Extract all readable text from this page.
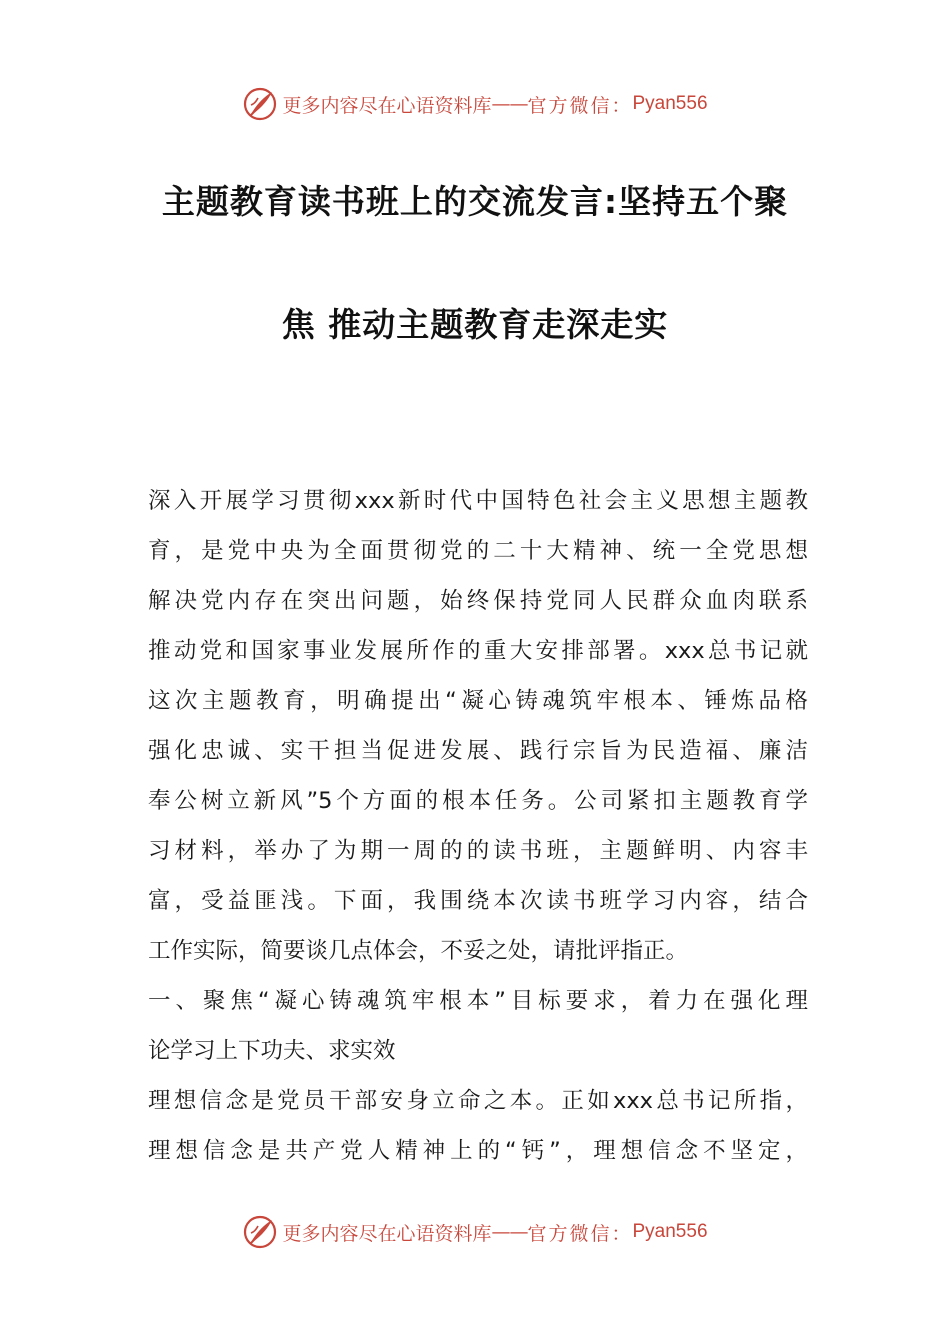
更多内容尽在心语资料库 —— 官方微信： Pyan556
主题教育读书班上的交流发言:坚持五个聚
焦 推动主题教育走深走实
深入开展学习贯彻xxx新时代中国特色社会主义思想主题教
育，是党中央为全面贯彻党的二十大精神、统一全党思想
解决党内存在突出问题，始终保持党同人民群众血肉联系
推动党和国家事业发展所作的重大安排部署。xxx总书记就
这次主题教育，明确提出“凝心铸魂筑牢根本、锤炼品格
强化忠诚、实干担当促进发展、践行宗旨为民造福、廉洁
奉公树立新风”5个方面的根本任务。公司紧扣主题教育学
习材料，举办了为期一周的的读书班，主题鲜明、内容丰
富，受益匪浅。下面，我围绕本次读书班学习内容，结合
工作实际，简要谈几点体会，不妥之处，请批评指正。
一、聚焦“凝心铸魂筑牢根本”目标要求，着力在强化理
论学习上下功夫、求实效
理想信念是党员干部安身立命之本。正如xxx总书记所指，
理想信念是共产党人精神上的“钙”，理想信念不坚定，
更多内容尽在心语资料库 —— 官方微信： Pyan556
